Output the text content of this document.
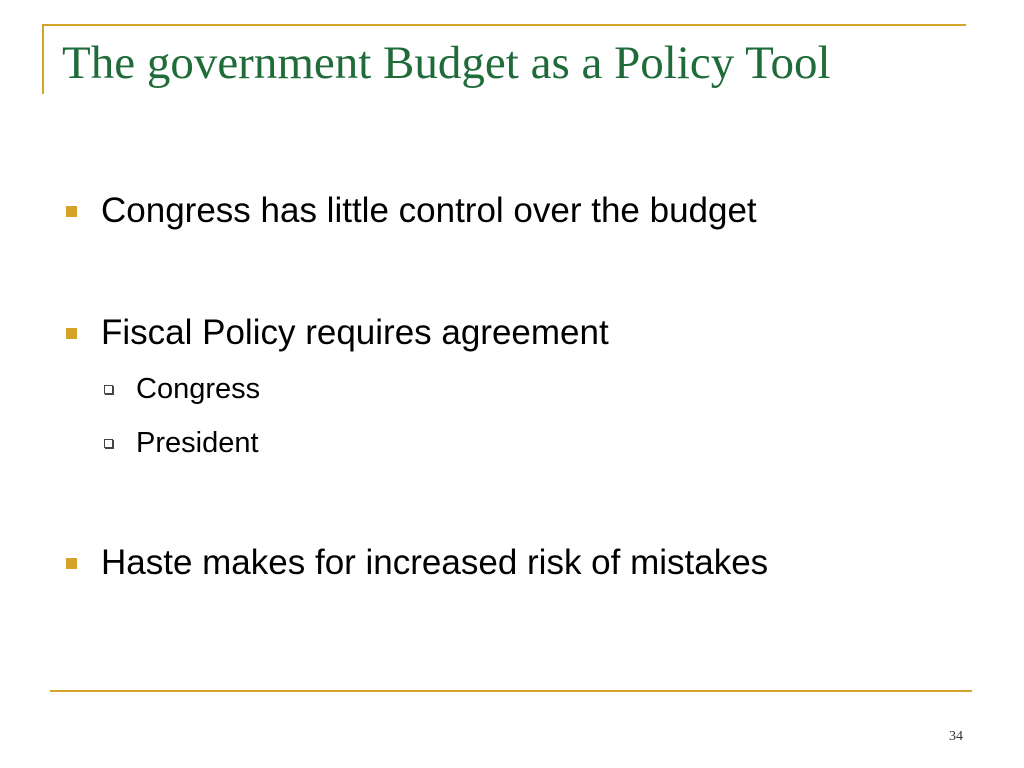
The government Budget as a Policy Tool
Congress has little control over the budget
Fiscal Policy requires agreement
Congress
President
Haste makes for increased risk of mistakes
34
